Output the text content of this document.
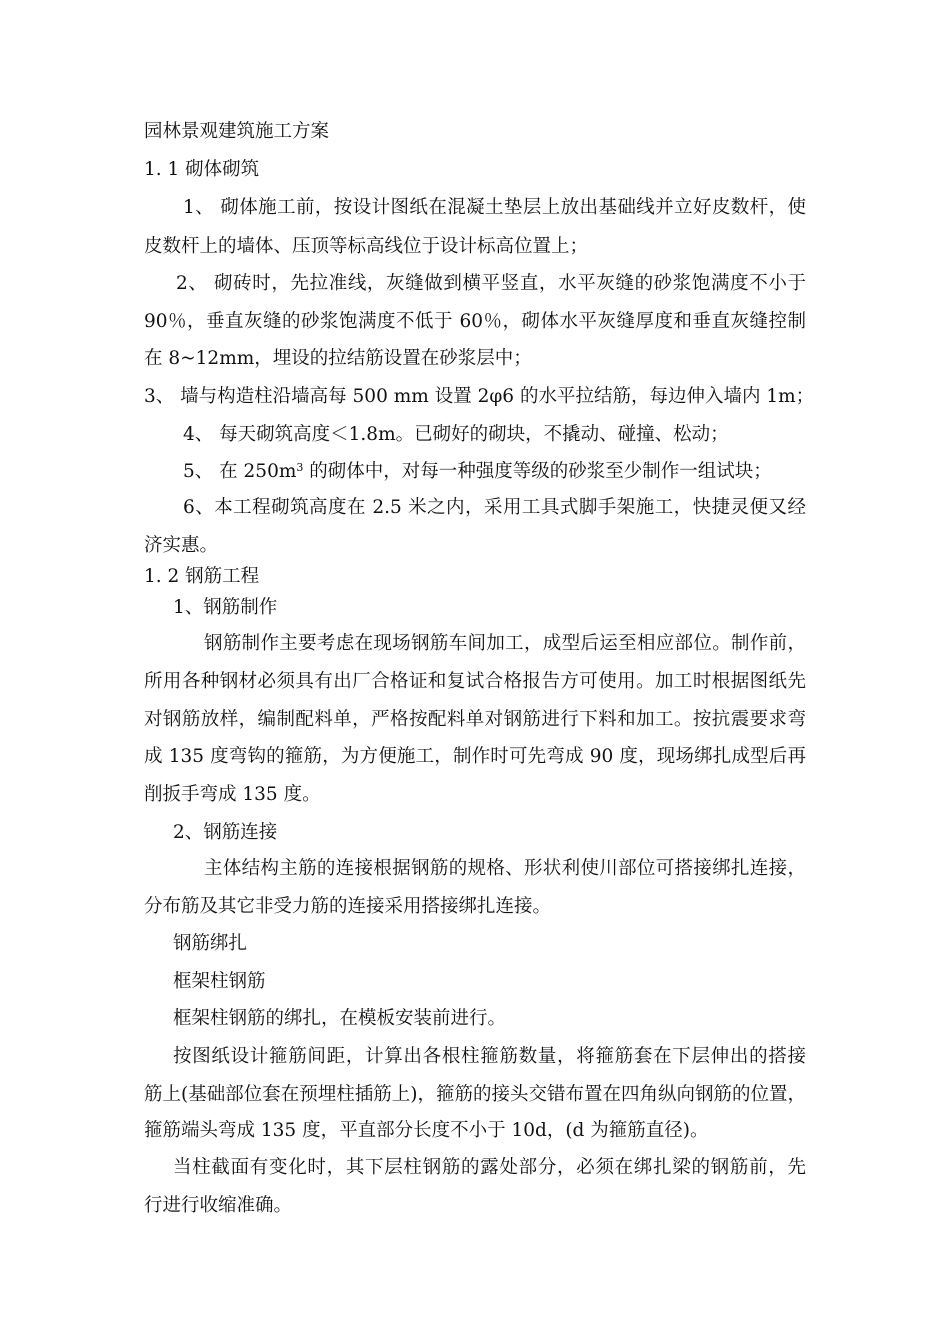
园林景观建筑施工方案
1. 1 砌体砌筑
1、 砌体施工前，按设计图纸在混凝土垫层上放出基础线并立好皮数杆，使
皮数杆上的墙体、压顶等标高线位于设计标高位置上；
2、 砌砖时，先拉准线，灰缝做到横平竖直，水平灰缝的砂浆饱满度不小于
90％，垂直灰缝的砂浆饱满度不低于 60％，砌体水平灰缝厚度和垂直灰缝控制
在 8~12mm，埋设的拉结筋设置在砂浆层中；
3、 墙与构造柱沿墙高每 500 mm 设置 2φ6 的水平拉结筋，每边伸入墙内 1m；
4、 每天砌筑高度＜1.8m。已砌好的砌块，不撬动、碰撞、松动；
5、 在 $250m^3$ 的砌体中，对每一种强度等级的砂浆至少制作一组试块；
6、本工程砌筑高度在 2.5 米之内，采用工具式脚手架施工，快捷灵便又经
济实惠。
1. 2 钢筋工程
1、钢筋制作
钢筋制作主要考虑在现场钢筋车间加工，成型后运至相应部位。制作前，
所用各种钢材必须具有出厂合格证和复试合格报告方可使用。加工时根据图纸先
对钢筋放样，编制配料单，严格按配料单对钢筋进行下料和加工。按抗震要求弯
成 135 度弯钩的箍筋，为方便施工，制作时可先弯成 90 度，现场绑扎成型后再
削扳手弯成 135 度。
2、钢筋连接
主体结构主筋的连接根据钢筋的规格、形状利使川部位可搭接绑扎连接，
分布筋及其它非受力筋的连接采用搭接绑扎连接。
钢筋绑扎
框架柱钢筋
框架柱钢筋的绑扎，在模板安装前进行。
按图纸设计箍筋间距，计算出各根柱箍筋数量，将箍筋套在下层伸出的搭接
筋上(基础部位套在预埋柱插筋上)，箍筋的接头交错布置在四角纵向钢筋的位置，
箍筋端头弯成 135 度，平直部分长度不小于 10d，(d 为箍筋直径)。
当柱截面有变化时，其下层柱钢筋的露处部分，必须在绑扎梁的钢筋前，先
行进行收缩准确。
